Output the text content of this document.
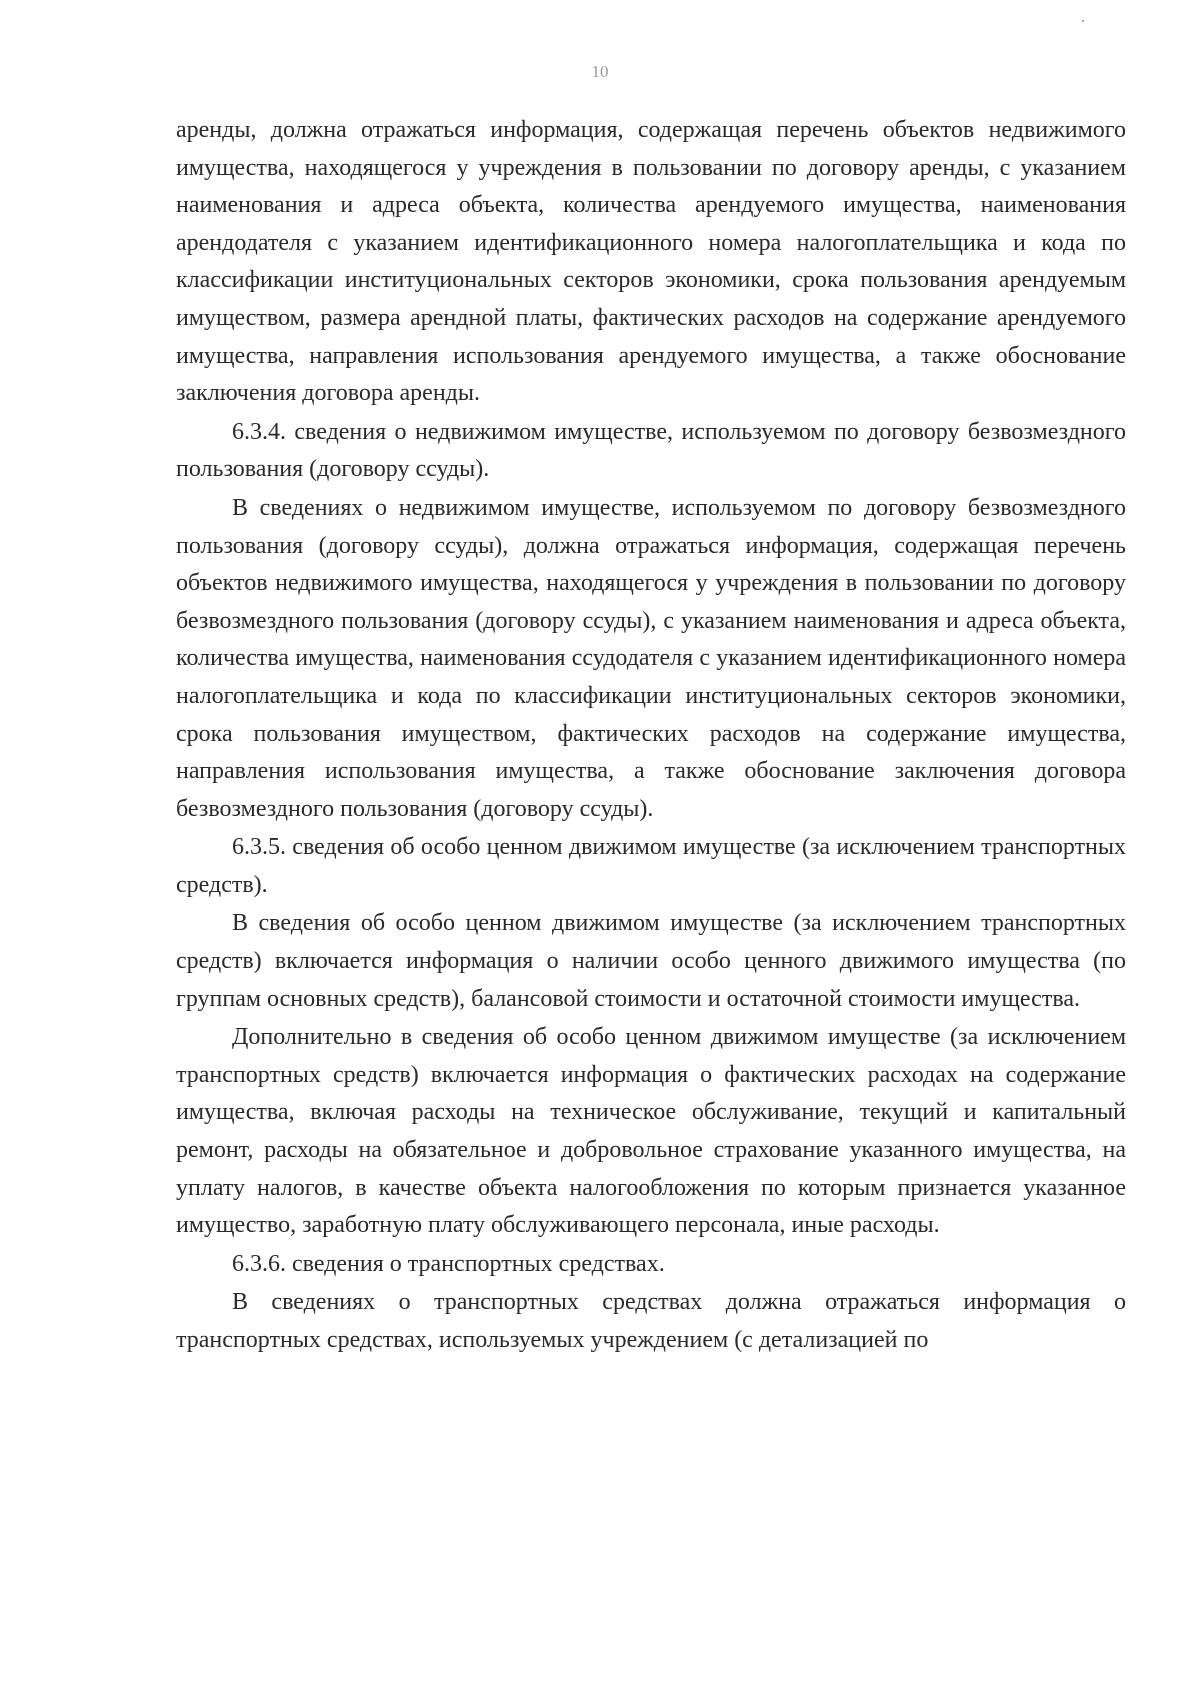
10

аренды, должна отражаться информация, содержащая перечень объектов недвижимого имущества, находящегося у учреждения в пользовании по договору аренды, с указанием наименования и адреса объекта, количества арендуемого имущества, наименования арендодателя с указанием идентификационного номера налогоплательщика и кода по классификации институциональных секторов экономики, срока пользования арендуемым имуществом, размера арендной платы, фактических расходов на содержание арендуемого имущества, направления использования арендуемого имущества, а также обоснование заключения договора аренды.

6.3.4. сведения о недвижимом имуществе, используемом по договору безвозмездного пользования (договору ссуды).

В сведениях о недвижимом имуществе, используемом по договору безвозмездного пользования (договору ссуды), должна отражаться информация, содержащая перечень объектов недвижимого имущества, находящегося у учреждения в пользовании по договору безвозмездного пользования (договору ссуды), с указанием наименования и адреса объекта, количества имущества, наименования ссудодателя с указанием идентификационного номера налогоплательщика и кода по классификации институциональных секторов экономики, срока пользования имуществом, фактических расходов на содержание имущества, направления использования имущества, а также обоснование заключения договора безвозмездного пользования (договору ссуды).

6.3.5. сведения об особо ценном движимом имуществе (за исключением транспортных средств).

В сведения об особо ценном движимом имуществе (за исключением транспортных средств) включается информация о наличии особо ценного движимого имущества (по группам основных средств), балансовой стоимости и остаточной стоимости имущества.

Дополнительно в сведения об особо ценном движимом имуществе (за исключением транспортных средств) включается информация о фактических расходах на содержание имущества, включая расходы на техническое обслуживание, текущий и капитальный ремонт, расходы на обязательное и добровольное страхование указанного имущества, на уплату налогов, в качестве объекта налогообложения по которым признается указанное имущество, заработную плату обслуживающего персонала, иные расходы.

6.3.6. сведения о транспортных средствах.

В сведениях о транспортных средствах должна отражаться информация о транспортных средствах, используемых учреждением (с детализацией по
